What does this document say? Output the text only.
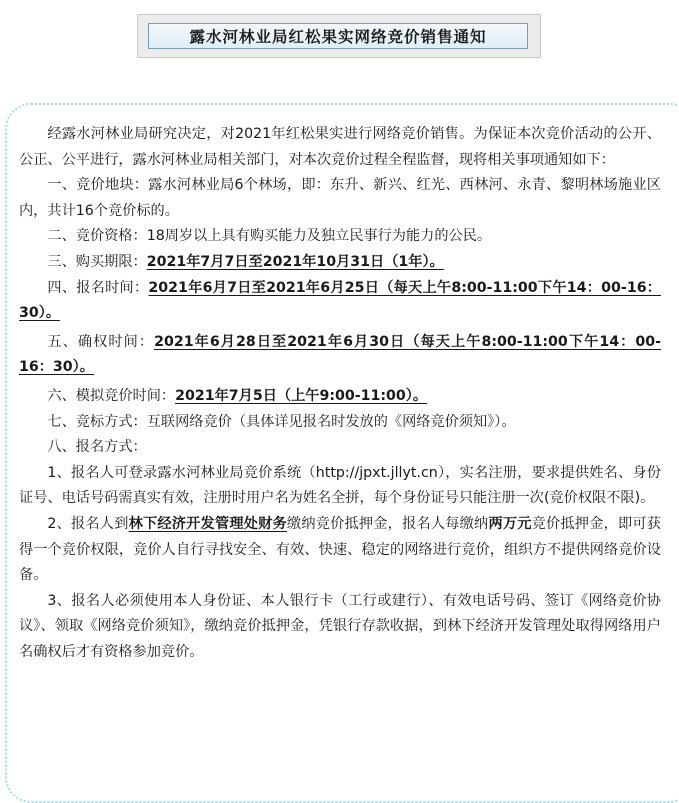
露水河林业局红松果实网络竞价销售通知

经露水河林业局研究决定，对2021年红松果实进行网络竞价销售。为保证本次竞价活动的公开、公正、公平进行，露水河林业局相关部门，对本次竞价过程全程监督，现将相关事项通知如下：

一、竞价地块：露水河林业局6个林场，即：东升、新兴、红光、西林河、永青、黎明林场施业区内，共计16个竞价标的。

二、竞价资格：18周岁以上具有购买能力及独立民事行为能力的公民。

三、购买期限：2021年7月7日至2021年10月31日（1年）。

四、报名时间：2021年6月7日至2021年6月25日（每天上午8:00-11:00下午14：00-16：30）。

五、确权时间：2021年6月28日至2021年6月30日（每天上午8:00-11:00下午14：00-16：30）。

六、模拟竞价时间：2021年7月5日（上午9:00-11:00）。

七、竞标方式：互联网络竞价（具体详见报名时发放的《网络竞价须知》）。

八、报名方式：

1、报名人可登录露水河林业局竞价系统（http://jpxt.jllyt.cn），实名注册，要求提供姓名、身份证号、电话号码需真实有效，注册时用户名为姓名全拼，每个身份证号只能注册一次(竞价权限不限)。

2、报名人到林下经济开发管理处财务缴纳竞价抵押金，报名人每缴纳两万元竞价抵押金，即可获得一个竞价权限，竞价人自行寻找安全、有效、快速、稳定的网络进行竞价，组织方不提供网络竞价设备。

3、报名人必须使用本人身份证、本人银行卡（工行或建行）、有效电话号码、签订《网络竞价协议》、领取《网络竞价须知》，缴纳竞价抵押金，凭银行存款收据，到林下经济开发管理处取得网络用户名确权后才有资格参加竞价。
